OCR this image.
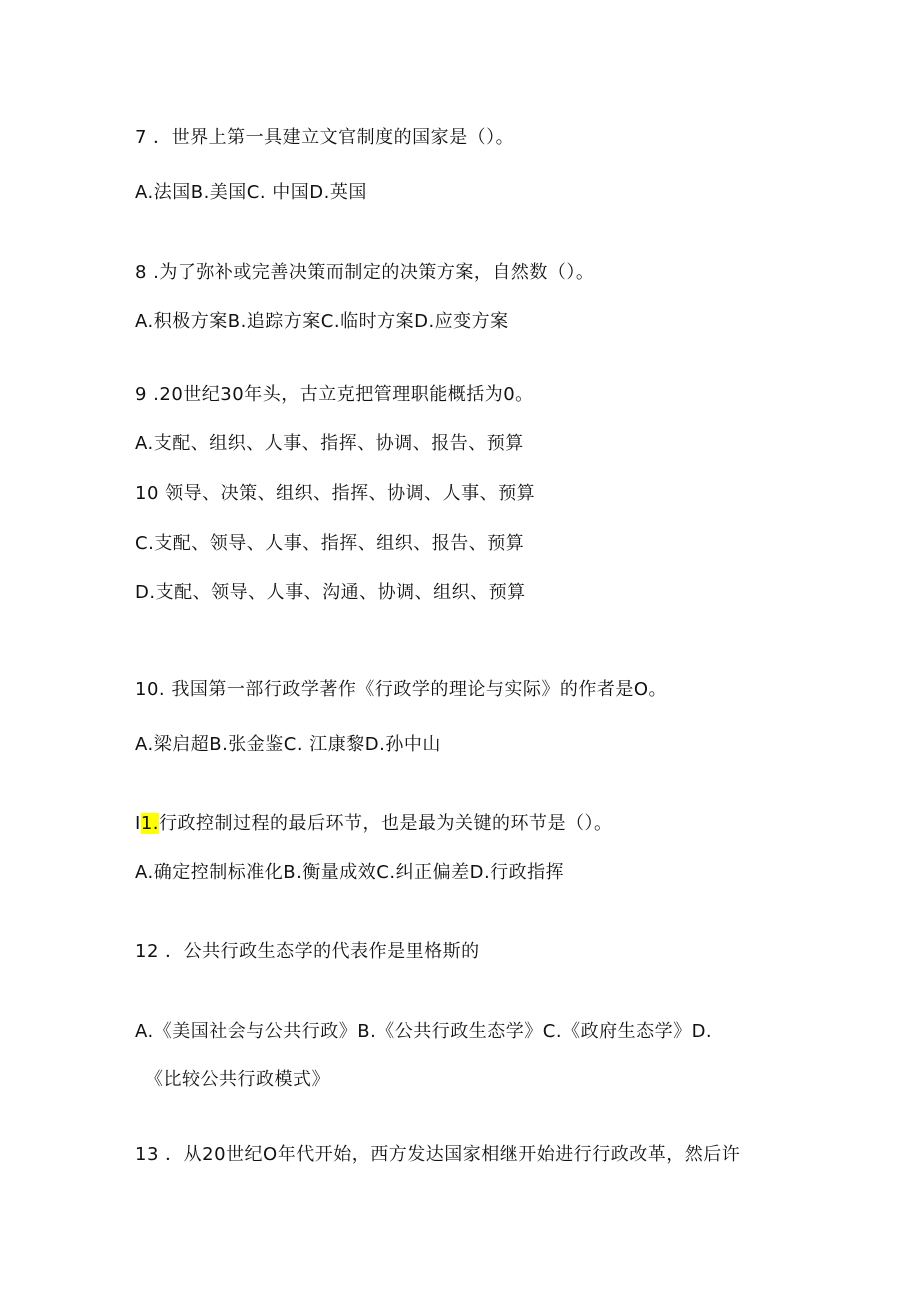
7 ．世界上第一具建立文官制度的国家是（）。
A.法国B.美国C. 中国D.英国
8 .为了弥补或完善决策而制定的决策方案，自然数（）。
A.积极方案B.追踪方案C.临时方案D.应变方案
9 .20世纪30年头，古立克把管理职能概括为0。
A.支配、组织、人事、指挥、协调、报告、预算
10 领导、决策、组织、指挥、协调、人事、预算
C.支配、领导、人事、指挥、组织、报告、预算
D.支配、领导、人事、沟通、协调、组织、预算
10. 我国第一部行政学著作《行政学的理论与实际》的作者是O。
A.梁启超B.张金鉴C. 江康黎D.孙中山
I1.行政控制过程的最后环节，也是最为关键的环节是（）。
A.确定控制标准化B.衡量成效C.纠正偏差D.行政指挥
12 ．公共行政生态学的代表作是里格斯的
A.《美国社会与公共行政》B.《公共行政生态学》C.《政府生态学》D.
《比较公共行政模式》
13 ．从20世纪O年代开始，西方发达国家相继开始进行行政改革，然后许
